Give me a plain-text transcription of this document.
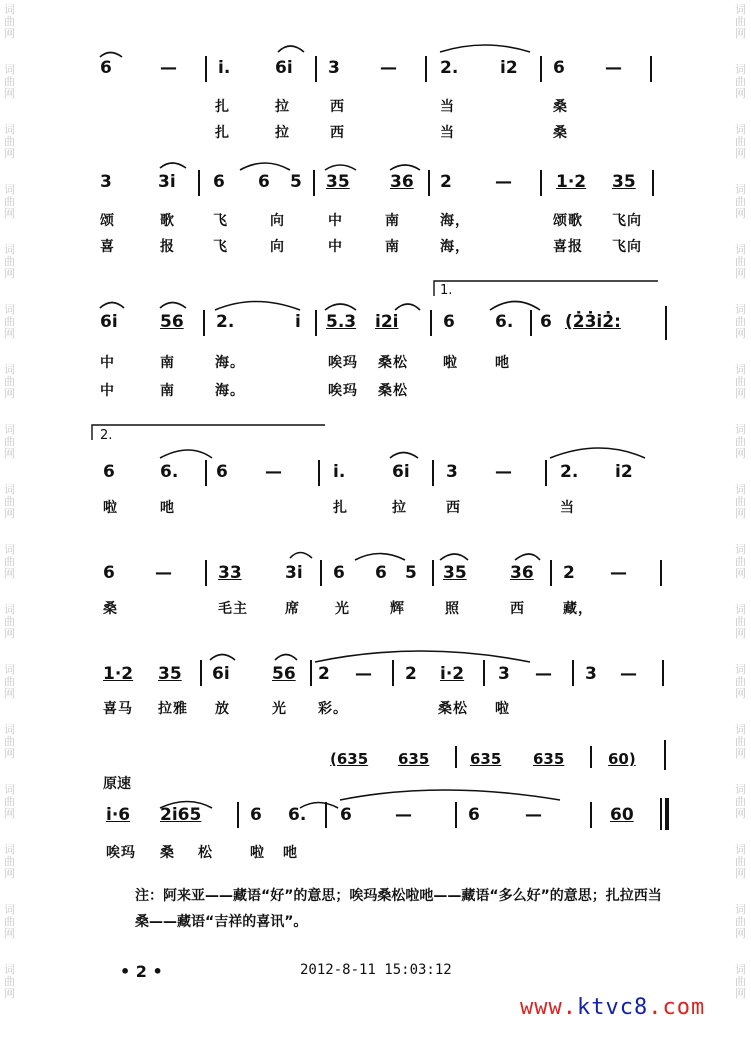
词
曲
网
词
曲
网
词
曲
网
词
曲
网
词
曲
网
词
曲
网
词
曲
网
词
曲
网
词
曲
网
词
曲
网
词
曲
网
词
曲
网
词
曲
网
词
曲
网
词
曲
网
词
曲
网
词
曲
网
词
曲
网
词
曲
网
词
曲
网
词
曲
网
词
曲
网
词
曲
网
词
曲
网
词
曲
网
词
曲
网
词
曲
网
词
曲
网
词
曲
网
词
曲
网
词
曲
网
词
曲
网
词
曲
网
词
曲
网
6	— i.	6i 3 —	2. i2 6 —
扎	拉	西	当	桑
扎	拉	西	当	桑
3	3i 6 6 5 35 36 2	—	1·2 35
颂	歌	飞	向	中	南	海，	颂歌 飞向
喜	报	飞	向	中	南	海，	喜报 飞向
1.
6i 56 2.	i 5.3 i2i	6 6. 6 (2̇3̇i2̇:
中	南	海。	唉玛 桑松	啦	吔
中	南	海。	唉玛 桑松
2.
6	6. 6 —	i.	6i 3 —	2. i2
啦	吔	扎	拉	西	当
6 —	33	3i 6 6 5 35	36 2 —
桑	毛主	席	光	辉	照	西	藏，
1·2 35 6i 56 2 — 2 i·2 3 — 3 —
喜马 拉雅 放	光 彩。	桑松 啦
(635 635	635 635	60)
原速
i·6 2i65	6 6. 6	—	6	—	60
唉玛 桑 松	啦 吔
注：阿来亚——藏语“好”的意思；唉玛桑松啦吔——藏语“多么好”的意思；扎拉西当桑——藏语“吉祥的喜讯”。
• 2 •	2012-8-11 15:03:12
www.ktvc8.com
